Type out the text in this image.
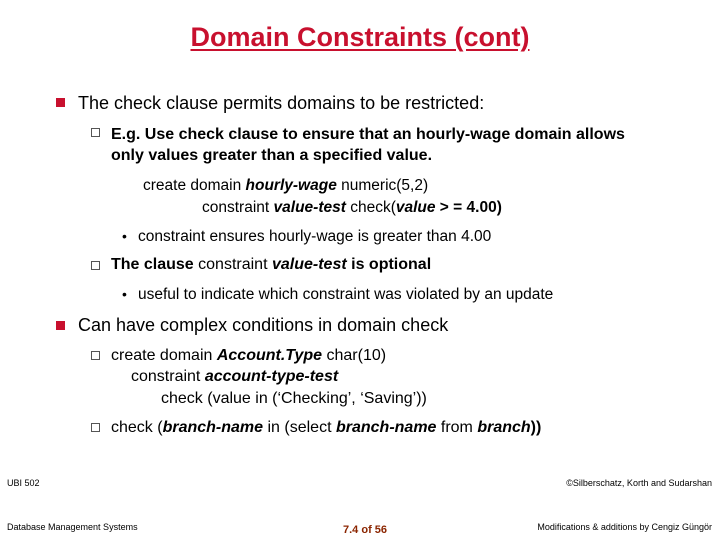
Domain Constraints (cont)
The check clause permits domains to be restricted:
E.g. Use check clause to ensure that an hourly-wage domain allows only values greater than a specified value.
create domain hourly-wage numeric(5,2)
constraint value-test check(value > = 4.00)
• constraint ensures hourly-wage is greater than 4.00
The clause constraint value-test is optional
• useful to indicate which constraint was violated by an update
Can have complex conditions in domain check
create domain Account.Type char(10)
constraint account-type-test
check (value in (‘Checking’, ‘Saving’))
check (branch-name in (select branch-name from branch))
UBI 502
Database Management Systems	7.4 of 56
©Silberschatz, Korth and Sudarshan
Modifications & additions by Cengiz Güngör
